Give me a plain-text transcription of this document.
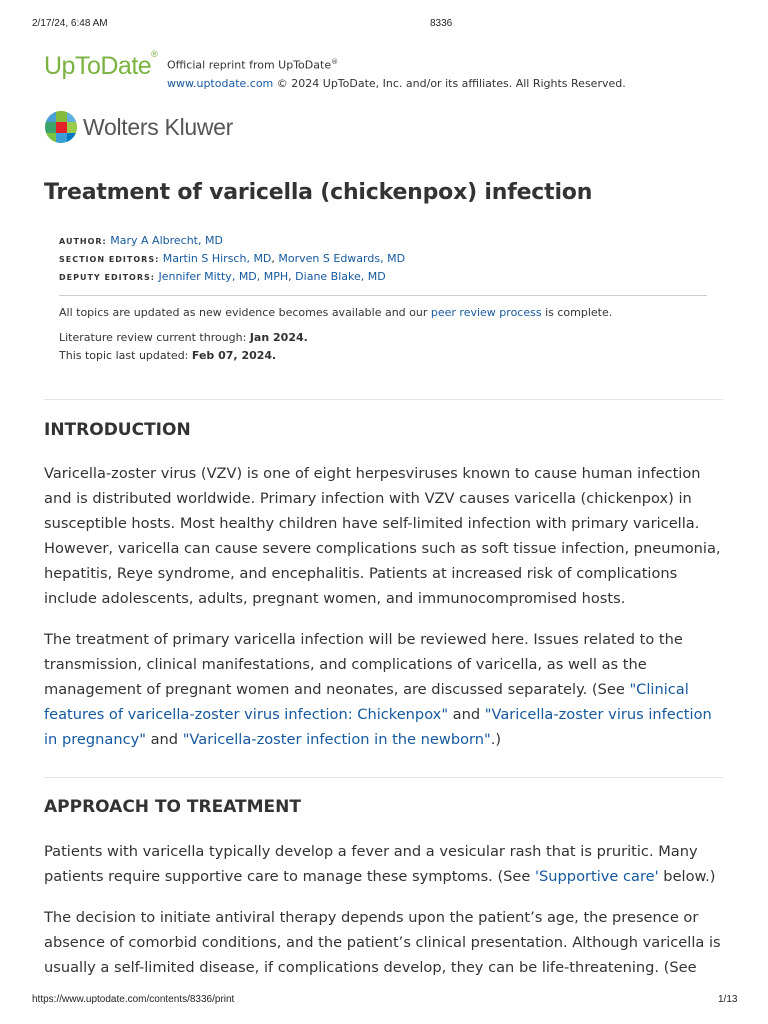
2/17/24, 6:48 AM	8336
https://www.uptodate.com/contents/8336/print	1/13
UpToDate®
Official reprint from UpToDate®
www.uptodate.com © 2024 UpToDate, Inc. and/or its affiliates. All Rights Reserved.
Wolters Kluwer
Treatment of varicella (chickenpox) infection
AUTHOR: Mary A Albrecht, MD
SECTION EDITORS: Martin S Hirsch, MD, Morven S Edwards, MD
DEPUTY EDITORS: Jennifer Mitty, MD, MPH, Diane Blake, MD
All topics are updated as new evidence becomes available and our peer review process is complete.
Literature review current through: Jan 2024.
This topic last updated: Feb 07, 2024.
INTRODUCTION

Varicella-zoster virus (VZV) is one of eight herpesviruses known to cause human infection and is distributed worldwide. Primary infection with VZV causes varicella (chickenpox) in susceptible hosts. Most healthy children have self-limited infection with primary varicella. However, varicella can cause severe complications such as soft tissue infection, pneumonia, hepatitis, Reye syndrome, and encephalitis. Patients at increased risk of complications include adolescents, adults, pregnant women, and immunocompromised hosts.

The treatment of primary varicella infection will be reviewed here. Issues related to the transmission, clinical manifestations, and complications of varicella, as well as the management of pregnant women and neonates, are discussed separately. (See "Clinical features of varicella-zoster virus infection: Chickenpox" and "Varicella-zoster virus infection in pregnancy" and "Varicella-zoster infection in the newborn".)

APPROACH TO TREATMENT

Patients with varicella typically develop a fever and a vesicular rash that is pruritic. Many patients require supportive care to manage these symptoms. (See 'Supportive care' below.)

The decision to initiate antiviral therapy depends upon the patient’s age, the presence or absence of comorbid conditions, and the patient’s clinical presentation. Although varicella is usually a self-limited disease, if complications develop, they can be life-threatening. (See
